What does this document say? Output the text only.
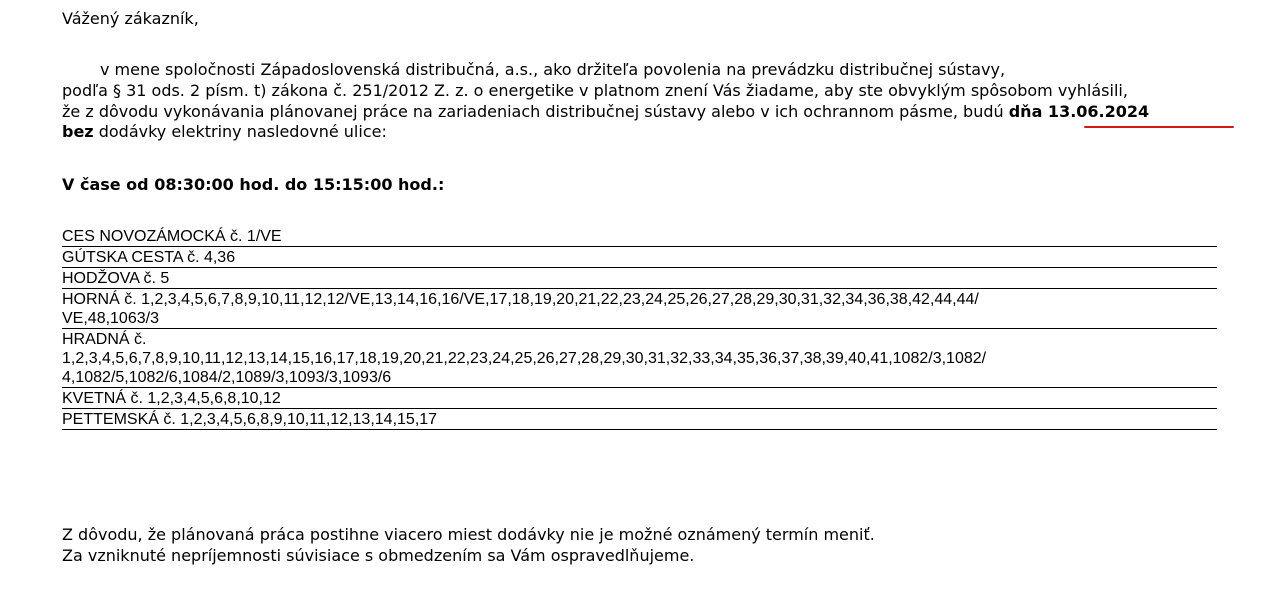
Vážený zákazník,
v mene spoločnosti Západoslovenská distribučná, a.s., ako držiteľa povolenia na prevádzku distribučnej sústavy,
podľa § 31 ods. 2 písm. t) zákona č. 251/2012 Z. z. o energetike v platnom znení Vás žiadame, aby ste obvyklým spôsobom vyhlásili,
že z dôvodu vykonávania plánovanej práce na zariadeniach distribučnej sústavy alebo v ich ochrannom pásme, budú dňa 13.06.2024
bez dodávky elektriny nasledovné ulice:
V čase od 08:30:00 hod. do 15:15:00 hod.:
CES NOVOZÁMOCKÁ č. 1/VE
GÚTSKA CESTA č. 4,36
HODŽOVA č. 5
HORNÁ č. 1,2,3,4,5,6,7,8,9,10,11,12,12/VE,13,14,16,16/VE,17,18,19,20,21,22,23,24,25,26,27,28,29,30,31,32,34,36,38,42,44,44/
VE,48,1063/3
HRADNÁ č.
1,2,3,4,5,6,7,8,9,10,11,12,13,14,15,16,17,18,19,20,21,22,23,24,25,26,27,28,29,30,31,32,33,34,35,36,37,38,39,40,41,1082/3,1082/
4,1082/5,1082/6,1084/2,1089/3,1093/3,1093/6
KVETNÁ č. 1,2,3,4,5,6,8,10,12
PETTEMSKÁ č. 1,2,3,4,5,6,8,9,10,11,12,13,14,15,17
Z dôvodu, že plánovaná práca postihne viacero miest dodávky nie je možné oznámený termín meniť.
Za vzniknuté nepríjemnosti súvisiace s obmedzením sa Vám ospravedlňujeme.
